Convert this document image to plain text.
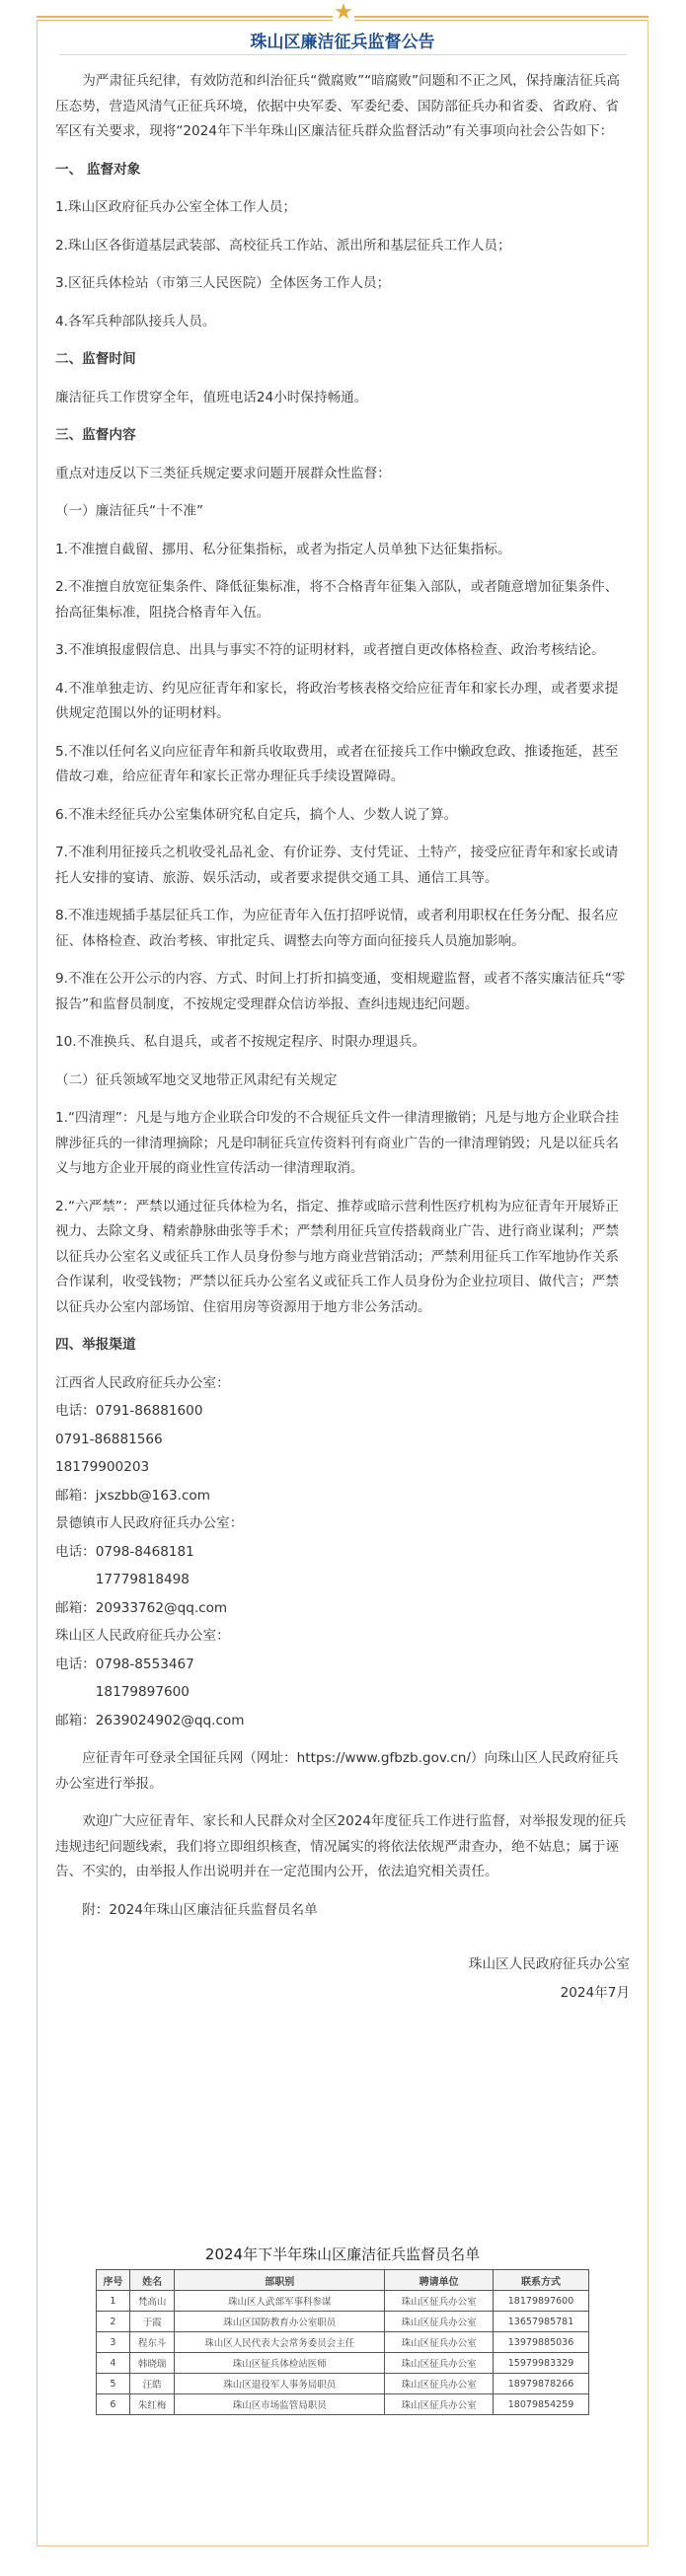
★
珠山区廉洁征兵监督公告

为严肃征兵纪律，有效防范和纠治征兵“微腐败”“暗腐败”问题和不正之风，保持廉洁征兵高压态势，营造风清气正征兵环境，依据中央军委、军委纪委、国防部征兵办和省委、省政府、省军区有关要求，现将“2024年下半年珠山区廉洁征兵群众监督活动”有关事项向社会公告如下：

一、 监督对象

1.珠山区政府征兵办公室全体工作人员；

2.珠山区各街道基层武装部、高校征兵工作站、派出所和基层征兵工作人员；

3.区征兵体检站（市第三人民医院）全体医务工作人员；

4.各军兵种部队接兵人员。

二、监督时间

廉洁征兵工作贯穿全年，值班电话24小时保持畅通。

三、监督内容

重点对违反以下三类征兵规定要求问题开展群众性监督：

（一）廉洁征兵“十不准”

1.不准擅自截留、挪用、私分征集指标，或者为指定人员单独下达征集指标。

2.不准擅自放宽征集条件、降低征集标准，将不合格青年征集入部队，或者随意增加征集条件、抬高征集标准，阻挠合格青年入伍。

3.不准填报虚假信息、出具与事实不符的证明材料，或者擅自更改体格检查、政治考核结论。

4.不准单独走访、约见应征青年和家长，将政治考核表格交给应征青年和家长办理，或者要求提供规定范围以外的证明材料。

5.不准以任何名义向应征青年和新兵收取费用，或者在征接兵工作中懒政怠政、推诿拖延，甚至借故刁难，给应征青年和家长正常办理征兵手续设置障碍。

6.不准未经征兵办公室集体研究私自定兵，搞个人、少数人说了算。

7.不准利用征接兵之机收受礼品礼金、有价证券、支付凭证、土特产，接受应征青年和家长或请托人安排的宴请、旅游、娱乐活动，或者要求提供交通工具、通信工具等。

8.不准违规插手基层征兵工作，为应征青年入伍打招呼说情，或者利用职权在任务分配、报名应征、体格检查、政治考核、审批定兵、调整去向等方面向征接兵人员施加影响。

9.不准在公开公示的内容、方式、时间上打折扣搞变通，变相规避监督，或者不落实廉洁征兵“零报告”和监督员制度，不按规定受理群众信访举报、查纠违规违纪问题。

10.不准换兵、私自退兵，或者不按规定程序、时限办理退兵。

（二）征兵领域军地交叉地带正风肃纪有关规定

1.“四清理”：凡是与地方企业联合印发的不合规征兵文件一律清理撤销；凡是与地方企业联合挂牌涉征兵的一律清理摘除；凡是印制征兵宣传资料刊有商业广告的一律清理销毁；凡是以征兵名义与地方企业开展的商业性宣传活动一律清理取消。

2.“六严禁”：严禁以通过征兵体检为名，指定、推荐或暗示营利性医疗机构为应征青年开展矫正视力、去除文身、精索静脉曲张等手术；严禁利用征兵宣传搭载商业广告、进行商业谋利；严禁以征兵办公室名义或征兵工作人员身份参与地方商业营销活动；严禁利用征兵工作军地协作关系合作谋利，收受钱物；严禁以征兵办公室名义或征兵工作人员身份为企业拉项目、做代言；严禁以征兵办公室内部场馆、住宿用房等资源用于地方非公务活动。

四、举报渠道

江西省人民政府征兵办公室：

电话：0791-86881600

0791-86881566

18179900203

邮箱：jxszbb@163.com

景德镇市人民政府征兵办公室：

电话：0798-8468181

　　　17779818498

邮箱：20933762@qq.com

珠山区人民政府征兵办公室：

电话：0798-8553467

　　　18179897600

邮箱：2639024902@qq.com

应征青年可登录全国征兵网（网址：https://www.gfbzb.gov.cn/）向珠山区人民政府征兵办公室进行举报。

欢迎广大应征青年、家长和人民群众对全区2024年度征兵工作进行监督，对举报发现的征兵违规违纪问题线索，我们将立即组织核查，情况属实的将依法依规严肃查办，绝不姑息；属于诬告、不实的，由举报人作出说明并在一定范围内公开，依法追究相关责任。

附：2024年珠山区廉洁征兵监督员名单

珠山区人民政府征兵办公室

2024年7月

2024年下半年珠山区廉洁征兵监督员名单
序号	姓名	部职别	聘请单位	联系方式
1	梵高山	珠山区人武部军事科参谋	珠山区征兵办公室	18179897600
2	于霞	珠山区国防教育办公室职员	珠山区征兵办公室	13657985781
3	程东斗	珠山区人民代表大会常务委员会主任	珠山区征兵办公室	13979885036
4	韩晓瑞	珠山区征兵体检站医师	珠山区征兵办公室	15979983329
5	汪皓	珠山区退役军人事务局职员	珠山区征兵办公室	18979878266
6	朱红梅	珠山区市场监管局职员	珠山区征兵办公室	18079854259
